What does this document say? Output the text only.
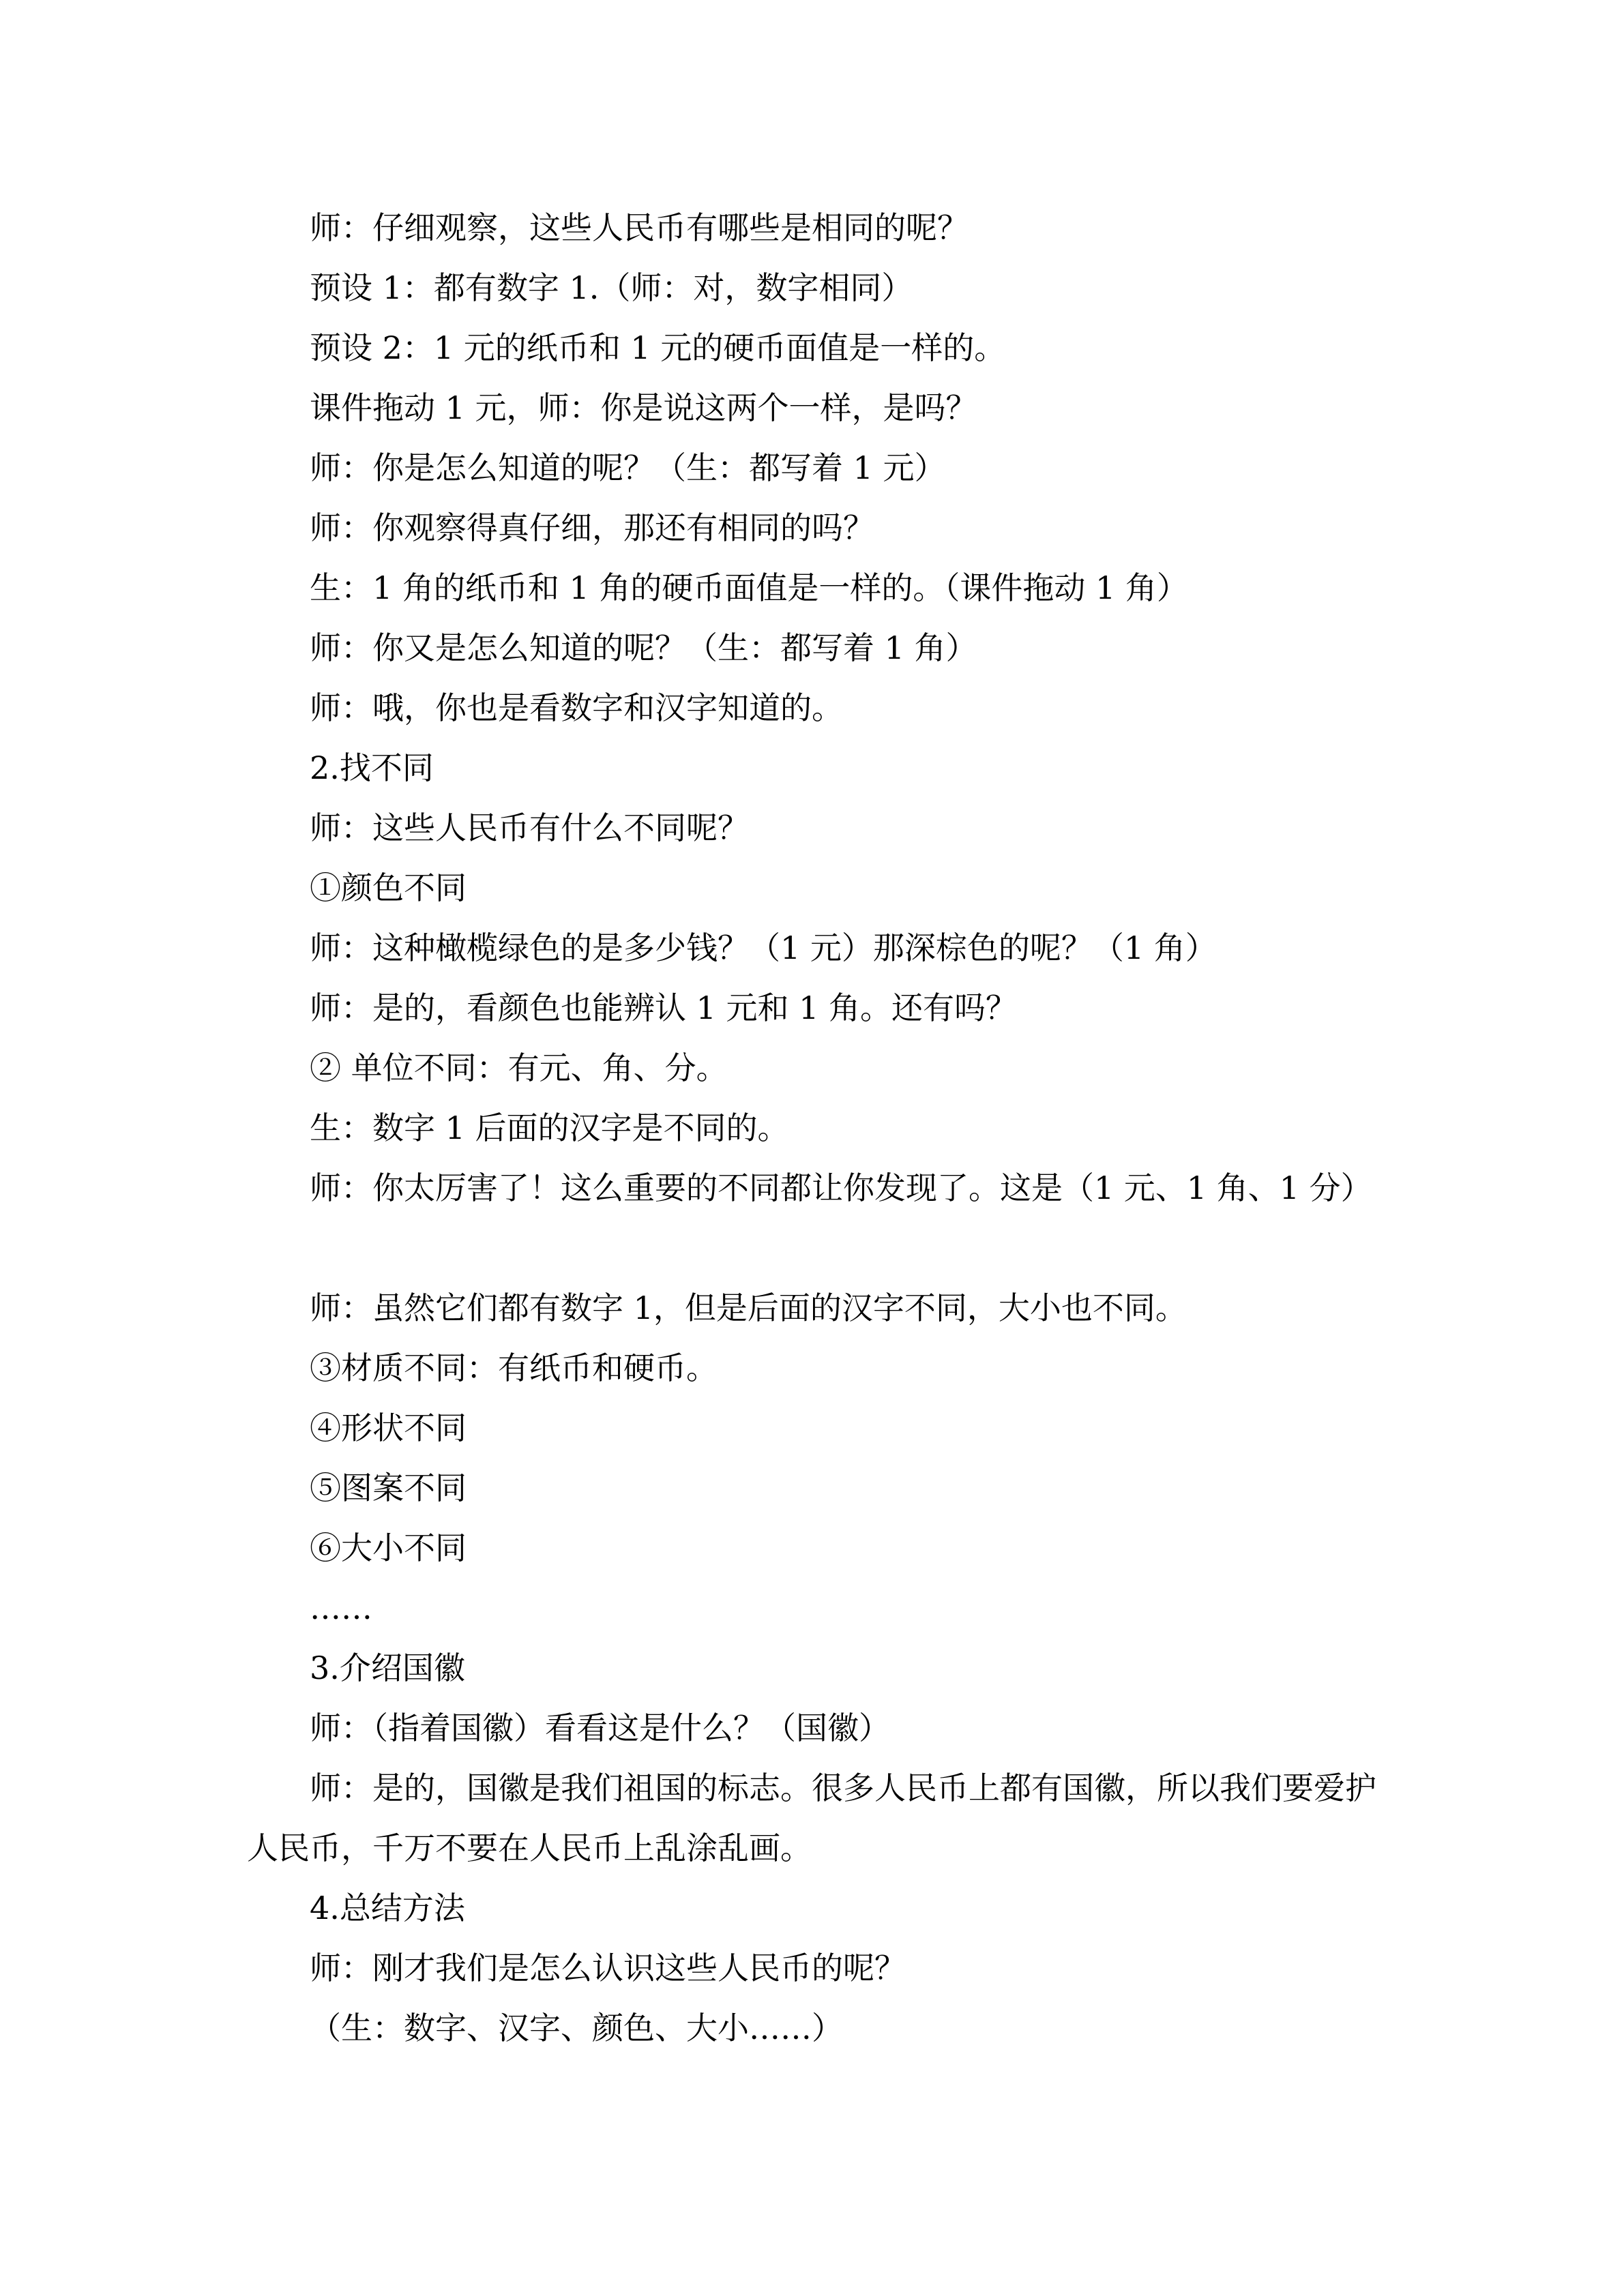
师：仔细观察，这些人民币有哪些是相同的呢？
预设 1：都有数字 1.（师：对，数字相同）
预设 2：1 元的纸币和 1 元的硬币面值是一样的。
课件拖动 1 元，师：你是说这两个一样，是吗？
师：你是怎么知道的呢？（生：都写着 1 元）
师：你观察得真仔细，那还有相同的吗？
生：1 角的纸币和 1 角的硬币面值是一样的。（课件拖动 1 角）
师：你又是怎么知道的呢？（生：都写着 1 角）
师：哦，你也是看数字和汉字知道的。
2.找不同
师：这些人民币有什么不同呢？
①颜色不同
师：这种橄榄绿色的是多少钱？（1 元）那深棕色的呢？（1 角）
师：是的，看颜色也能辨认 1 元和 1 角。还有吗？
② 单位不同：有元、角、分。
生：数字 1 后面的汉字是不同的。
师：你太厉害了！这么重要的不同都让你发现了。这是（1 元、1 角、1 分）
师：虽然它们都有数字 1，但是后面的汉字不同，大小也不同。
③材质不同：有纸币和硬币。
④形状不同
⑤图案不同
⑥大小不同
……
3.介绍国徽
师：（指着国徽）看看这是什么？（国徽）
师：是的，国徽是我们祖国的标志。很多人民币上都有国徽，所以我们要爱护人民币，千万不要在人民币上乱涂乱画。
4.总结方法
师：刚才我们是怎么认识这些人民币的呢？
（生：数字、汉字、颜色、大小……）
